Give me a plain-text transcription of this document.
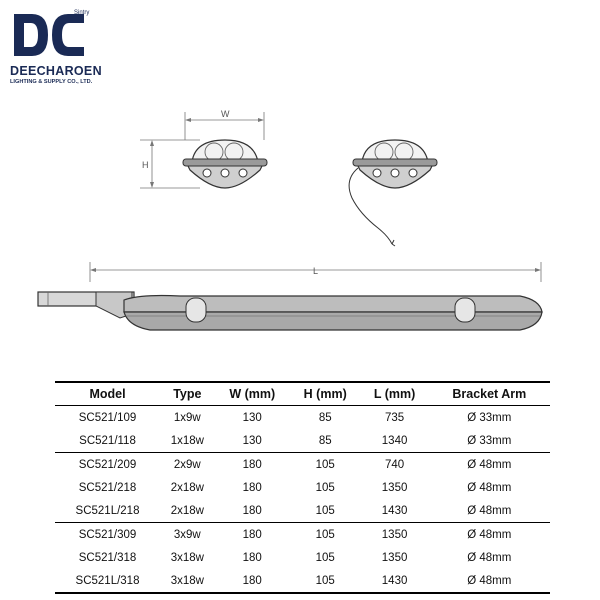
Sintry
DEECHAROEN
LIGHTING & SUPPLY CO., LTD.
W
H
L
Model	Type	W (mm)	H (mm)	L (mm)	Bracket Arm
SC521/109	1x9w	130	85	735	Ø 33mm
SC521/118	1x18w	130	85	1340	Ø 33mm
SC521/209	2x9w	180	105	740	Ø 48mm
SC521/218	2x18w	180	105	1350	Ø 48mm
SC521L/218	2x18w	180	105	1430	Ø 48mm
SC521/309	3x9w	180	105	1350	Ø 48mm
SC521/318	3x18w	180	105	1350	Ø 48mm
SC521L/318	3x18w	180	105	1430	Ø 48mm
